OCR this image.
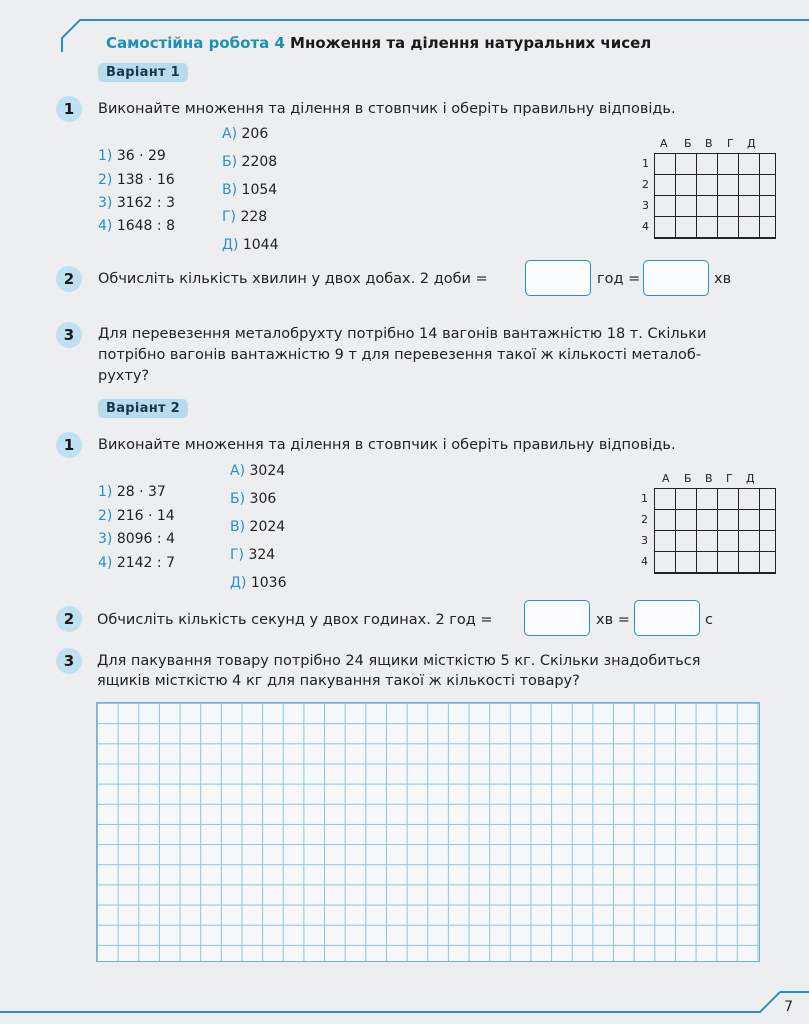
Самостійна робота 4 Множення та ділення натуральних чисел
Варіант 1
1	Виконайте множення та ділення в стовпчик і оберіть правильну відповідь.
1) 36 · 29
2) 138 · 16
3) 3162 : 3
4) 1648 : 8
А) 206
Б) 2208
В) 1054
Г) 228
Д) 1044
А Б В Г Д
1
2
3
4
2	Обчисліть кількість хвилин у двох добах. 2 доби =	год =	хв
3	Для перевезення металобрухту потрібно 14 вагонів вантажністю 18 т. Скільки
потрібно вагонів вантажністю 9 т для перевезення такої ж кількості металоб-
рухту?
Варіант 2
1	Виконайте множення та ділення в стовпчик і оберіть правильну відповідь.
1) 28 · 37
2) 216 · 14
3) 8096 : 4
4) 2142 : 7
А) 3024
Б) 306
В) 2024
Г) 324
Д) 1036
А Б В Г Д
1
2
3
4
2	Обчисліть кількість секунд у двох годинах. 2 год =	хв =	с
3	Для пакування товару потрібно 24 ящики місткістю 5 кг. Скільки знадобиться
ящиків місткістю 4 кг для пакування такої ж кількості товару?
7
